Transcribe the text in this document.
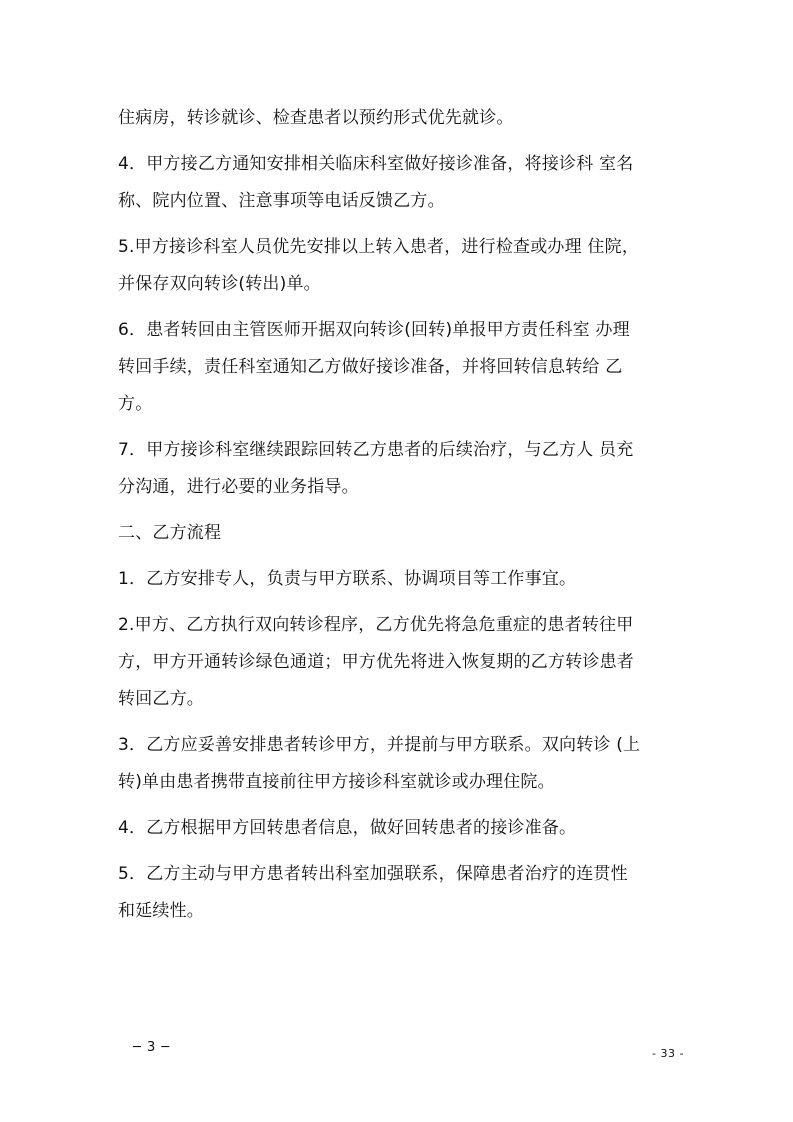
住病房，转诊就诊、检查患者以预约形式优先就诊。

4．甲方接乙方通知安排相关临床科室做好接诊准备，将接诊科 室名
称、院内位置、注意事项等电话反馈乙方。

5.甲方接诊科室人员优先安排以上转入患者，进行检查或办理 住院，
并保存双向转诊(转出)单。

6．患者转回由主管医师开据双向转诊(回转)单报甲方责任科室 办理
转回手续，责任科室通知乙方做好接诊准备，并将回转信息转给 乙
方。

7．甲方接诊科室继续跟踪回转乙方患者的后续治疗，与乙方人 员充
分沟通，进行必要的业务指导。

二、乙方流程

1．乙方安排专人，负责与甲方联系、协调项目等工作事宜。

2.甲方、乙方执行双向转诊程序，乙方优先将急危重症的患者转往甲
方，甲方开通转诊绿色通道；甲方优先将进入恢复期的乙方转诊患者
转回乙方。

3．乙方应妥善安排患者转诊甲方，并提前与甲方联系。双向转诊 (上
转)单由患者携带直接前往甲方接诊科室就诊或办理住院。

4．乙方根据甲方回转患者信息，做好回转患者的接诊准备。

5．乙方主动与甲方患者转出科室加强联系，保障患者治疗的连贯性
和延续性。

─ 3 ─	- 33 -
